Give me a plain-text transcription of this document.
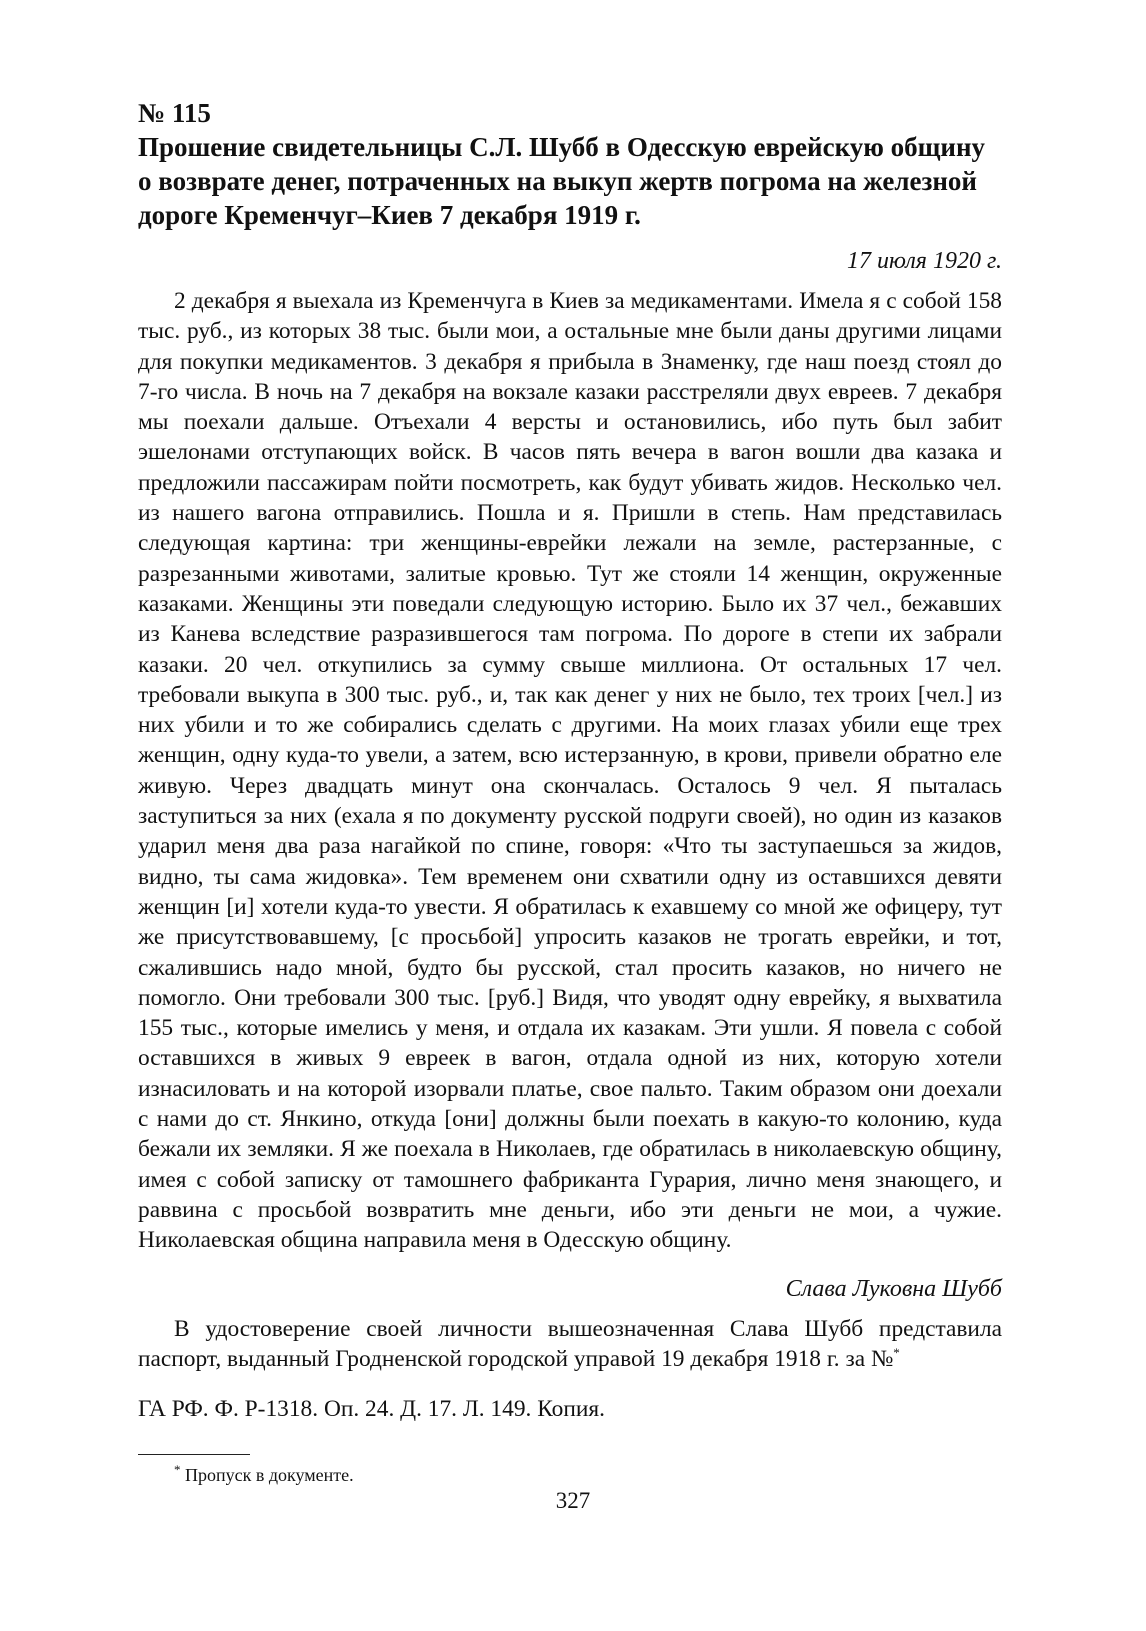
№ 115
Прошение свидетельницы С.Л. Шубб в Одесскую еврейскую общину о возврате денег, потраченных на выкуп жертв погрома на железной дороге Кременчуг–Киев 7 декабря 1919 г.
17 июля 1920 г.

2 декабря я выехала из Кременчуга в Киев за медикаментами. Имела я с собой 158 тыс. руб., из которых 38 тыс. были мои, а остальные мне были даны другими лицами для покупки медикаментов. 3 декабря я прибыла в Знаменку, где наш поезд стоял до 7-го числа. В ночь на 7 декабря на вокзале казаки расстреляли двух евреев. 7 декабря мы поехали дальше. Отъехали 4 версты и остановились, ибо путь был забит эшелонами отступающих войск. В часов пять вечера в вагон вошли два казака и предложили пассажирам пойти посмотреть, как будут убивать жидов. Несколько чел. из нашего вагона отправились. Пошла и я. Пришли в степь. Нам представилась следующая картина: три женщины-еврейки лежали на земле, растерзанные, с разрезанными животами, залитые кровью. Тут же стояли 14 женщин, окруженные казаками. Женщины эти поведали следующую историю. Было их 37 чел., бежавших из Канева вследствие разразившегося там погрома. По дороге в степи их забрали казаки. 20 чел. откупились за сумму свыше миллиона. От остальных 17 чел. требовали выкупа в 300 тыс. руб., и, так как денег у них не было, тех троих [чел.] из них убили и то же собирались сделать с другими. На моих глазах убили еще трех женщин, одну куда-то увели, а затем, всю истерзанную, в крови, привели обратно еле живую. Через двадцать минут она скончалась. Осталось 9 чел. Я пыталась заступиться за них (ехала я по документу русской подруги своей), но один из казаков ударил меня два раза нагайкой по спине, говоря: «Что ты заступаешься за жидов, видно, ты сама жидовка». Тем временем они схватили одну из оставшихся девяти женщин [и] хотели куда-то увести. Я обратилась к ехавшему со мной же офицеру, тут же присутствовавшему, [с просьбой] упросить казаков не трогать еврейки, и тот, сжалившись надо мной, будто бы русской, стал просить казаков, но ничего не помогло. Они требовали 300 тыс. [руб.] Видя, что уводят одну еврейку, я выхватила 155 тыс., которые имелись у меня, и отдала их казакам. Эти ушли. Я повела с собой оставшихся в живых 9 евреек в вагон, отдала одной из них, которую хотели изнасиловать и на которой изорвали платье, свое пальто. Таким образом они доехали с нами до ст. Янкино, откуда [они] должны были поехать в какую-то колонию, куда бежали их земляки. Я же поехала в Николаев, где обратилась в николаевскую общину, имея с собой записку от тамошнего фабриканта Гурария, лично меня знающего, и раввина с просьбой возвратить мне деньги, ибо эти деньги не мои, а чужие. Николаевская община направила меня в Одесскую общину.

Слава Луковна Шубб

В удостоверение своей личности вышеозначенная Слава Шубб представила паспорт, выданный Гродненской городской управой 19 декабря 1918 г. за №*

ГА РФ. Ф. Р-1318. Оп. 24. Д. 17. Л. 149. Копия.
* Пропуск в документе.
327
